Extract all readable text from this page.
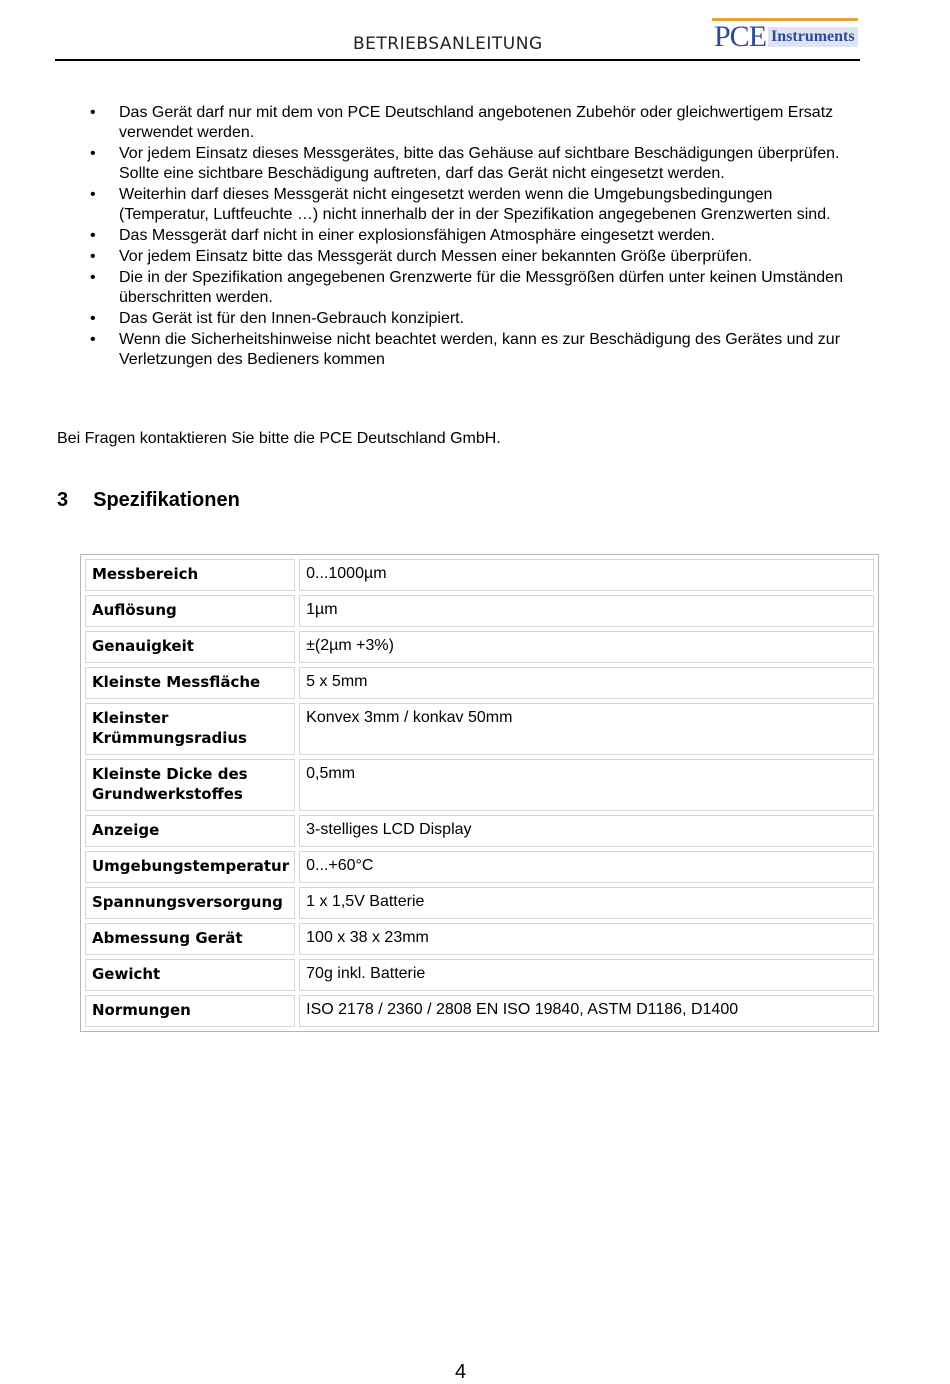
BETRIEBSANLEITUNG	PCE Instruments
• Das Gerät darf nur mit dem von PCE Deutschland angebotenen Zubehör oder gleichwertigem Ersatz verwendet werden.
• Vor jedem Einsatz dieses Messgerätes, bitte das Gehäuse auf sichtbare Beschädigungen überprüfen. Sollte eine sichtbare Beschädigung auftreten, darf das Gerät nicht eingesetzt werden.
• Weiterhin darf dieses Messgerät nicht eingesetzt werden wenn die Umgebungsbedingungen (Temperatur, Luftfeuchte …) nicht innerhalb der in der Spezifikation angegebenen Grenzwerten sind.
• Das Messgerät darf nicht in einer explosionsfähigen Atmosphäre eingesetzt werden.
• Vor jedem Einsatz bitte das Messgerät durch Messen einer bekannten Größe überprüfen.
• Die in der Spezifikation angegebenen Grenzwerte für die Messgrößen dürfen unter keinen Umständen überschritten werden.
• Das Gerät ist für den Innen-Gebrauch konzipiert.
• Wenn die Sicherheitshinweise nicht beachtet werden, kann es zur Beschädigung des Gerätes und zur Verletzungen des Bedieners kommen
Bei Fragen kontaktieren Sie bitte die PCE Deutschland GmbH.
3 Spezifikationen
Messbereich	0...1000µm
Auflösung	1µm
Genauigkeit	±(2µm +3%)
Kleinste Messfläche	5 x 5mm
Kleinster Krümmungsradius	Konvex 3mm / konkav 50mm
Kleinste Dicke des Grundwerkstoffes	0,5mm
Anzeige	3-stelliges LCD Display
Umgebungstemperatur	0...+60°C
Spannungsversorgung	1 x 1,5V Batterie
Abmessung Gerät	100 x 38 x 23mm
Gewicht	70g inkl. Batterie
Normungen	ISO 2178 / 2360 / 2808 EN ISO 19840, ASTM D1186, D1400
4
